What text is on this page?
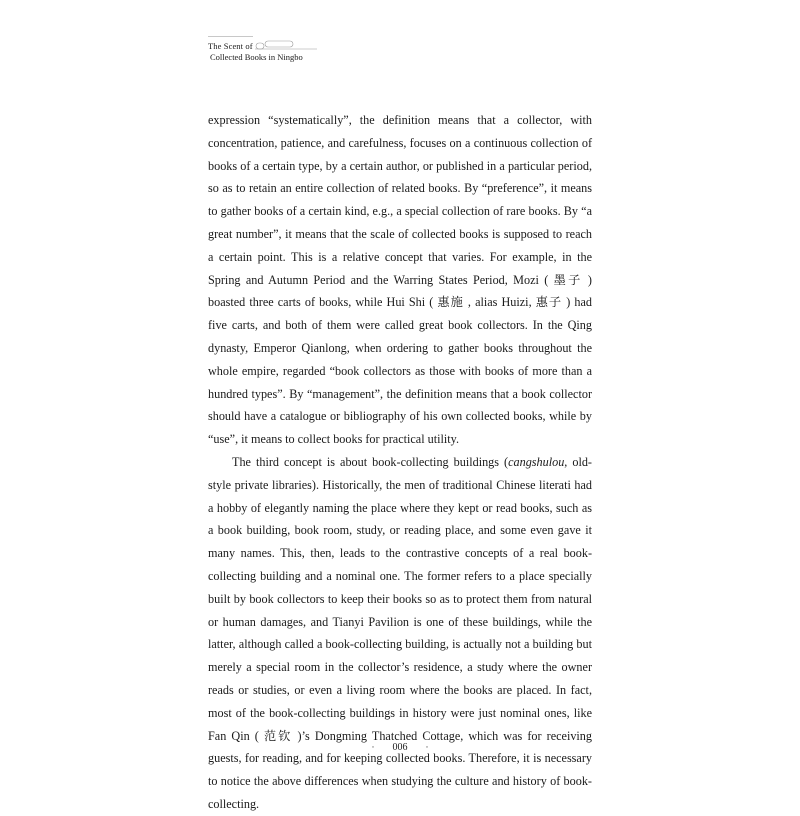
The Scent of
Collected Books in Ningbo

expression “systematically”, the definition means that a collector, with concentration, patience, and carefulness, focuses on a continuous collection of books of a certain type, by a certain author, or published in a particular period, so as to retain an entire collection of related books. By “preference”, it means to gather books of a certain kind, e.g., a special collection of rare books. By “a great number”, it means that the scale of collected books is supposed to reach a certain point. This is a relative concept that varies. For example, in the Spring and Autumn Period and the Warring States Period, Mozi ( 墨子 ) boasted three carts of books, while Hui Shi ( 惠施 , alias Huizi, 惠子 ) had five carts, and both of them were called great book collectors. In the Qing dynasty, Emperor Qianlong, when ordering to gather books throughout the whole empire, regarded “book collectors as those with books of more than a hundred types”. By “management”, the definition means that a book collector should have a catalogue or bibliography of his own collected books, while by “use”, it means to collect books for practical utility.

The third concept is about book-collecting buildings (cangshulou, old-style private libraries). Historically, the men of traditional Chinese literati had a hobby of elegantly naming the place where they kept or read books, such as a book building, book room, study, or reading place, and some even gave it many names. This, then, leads to the contrastive concepts of a real book-collecting building and a nominal one. The former refers to a place specially built by book collectors to keep their books so as to protect them from natural or human damages, and Tianyi Pavilion is one of these buildings, while the latter, although called a book-collecting building, is actually not a building but merely a special room in the collector’s residence, a study where the owner reads or studies, or even a living room where the books are placed. In fact, most of the book-collecting buildings in history were just nominal ones, like Fan Qin ( 范钦 )’s Dongming Thatched Cottage, which was for receiving guests, for reading, and for keeping collected books. Therefore, it is necessary to notice the above differences when studying the culture and history of book-collecting.

· 006 ·
